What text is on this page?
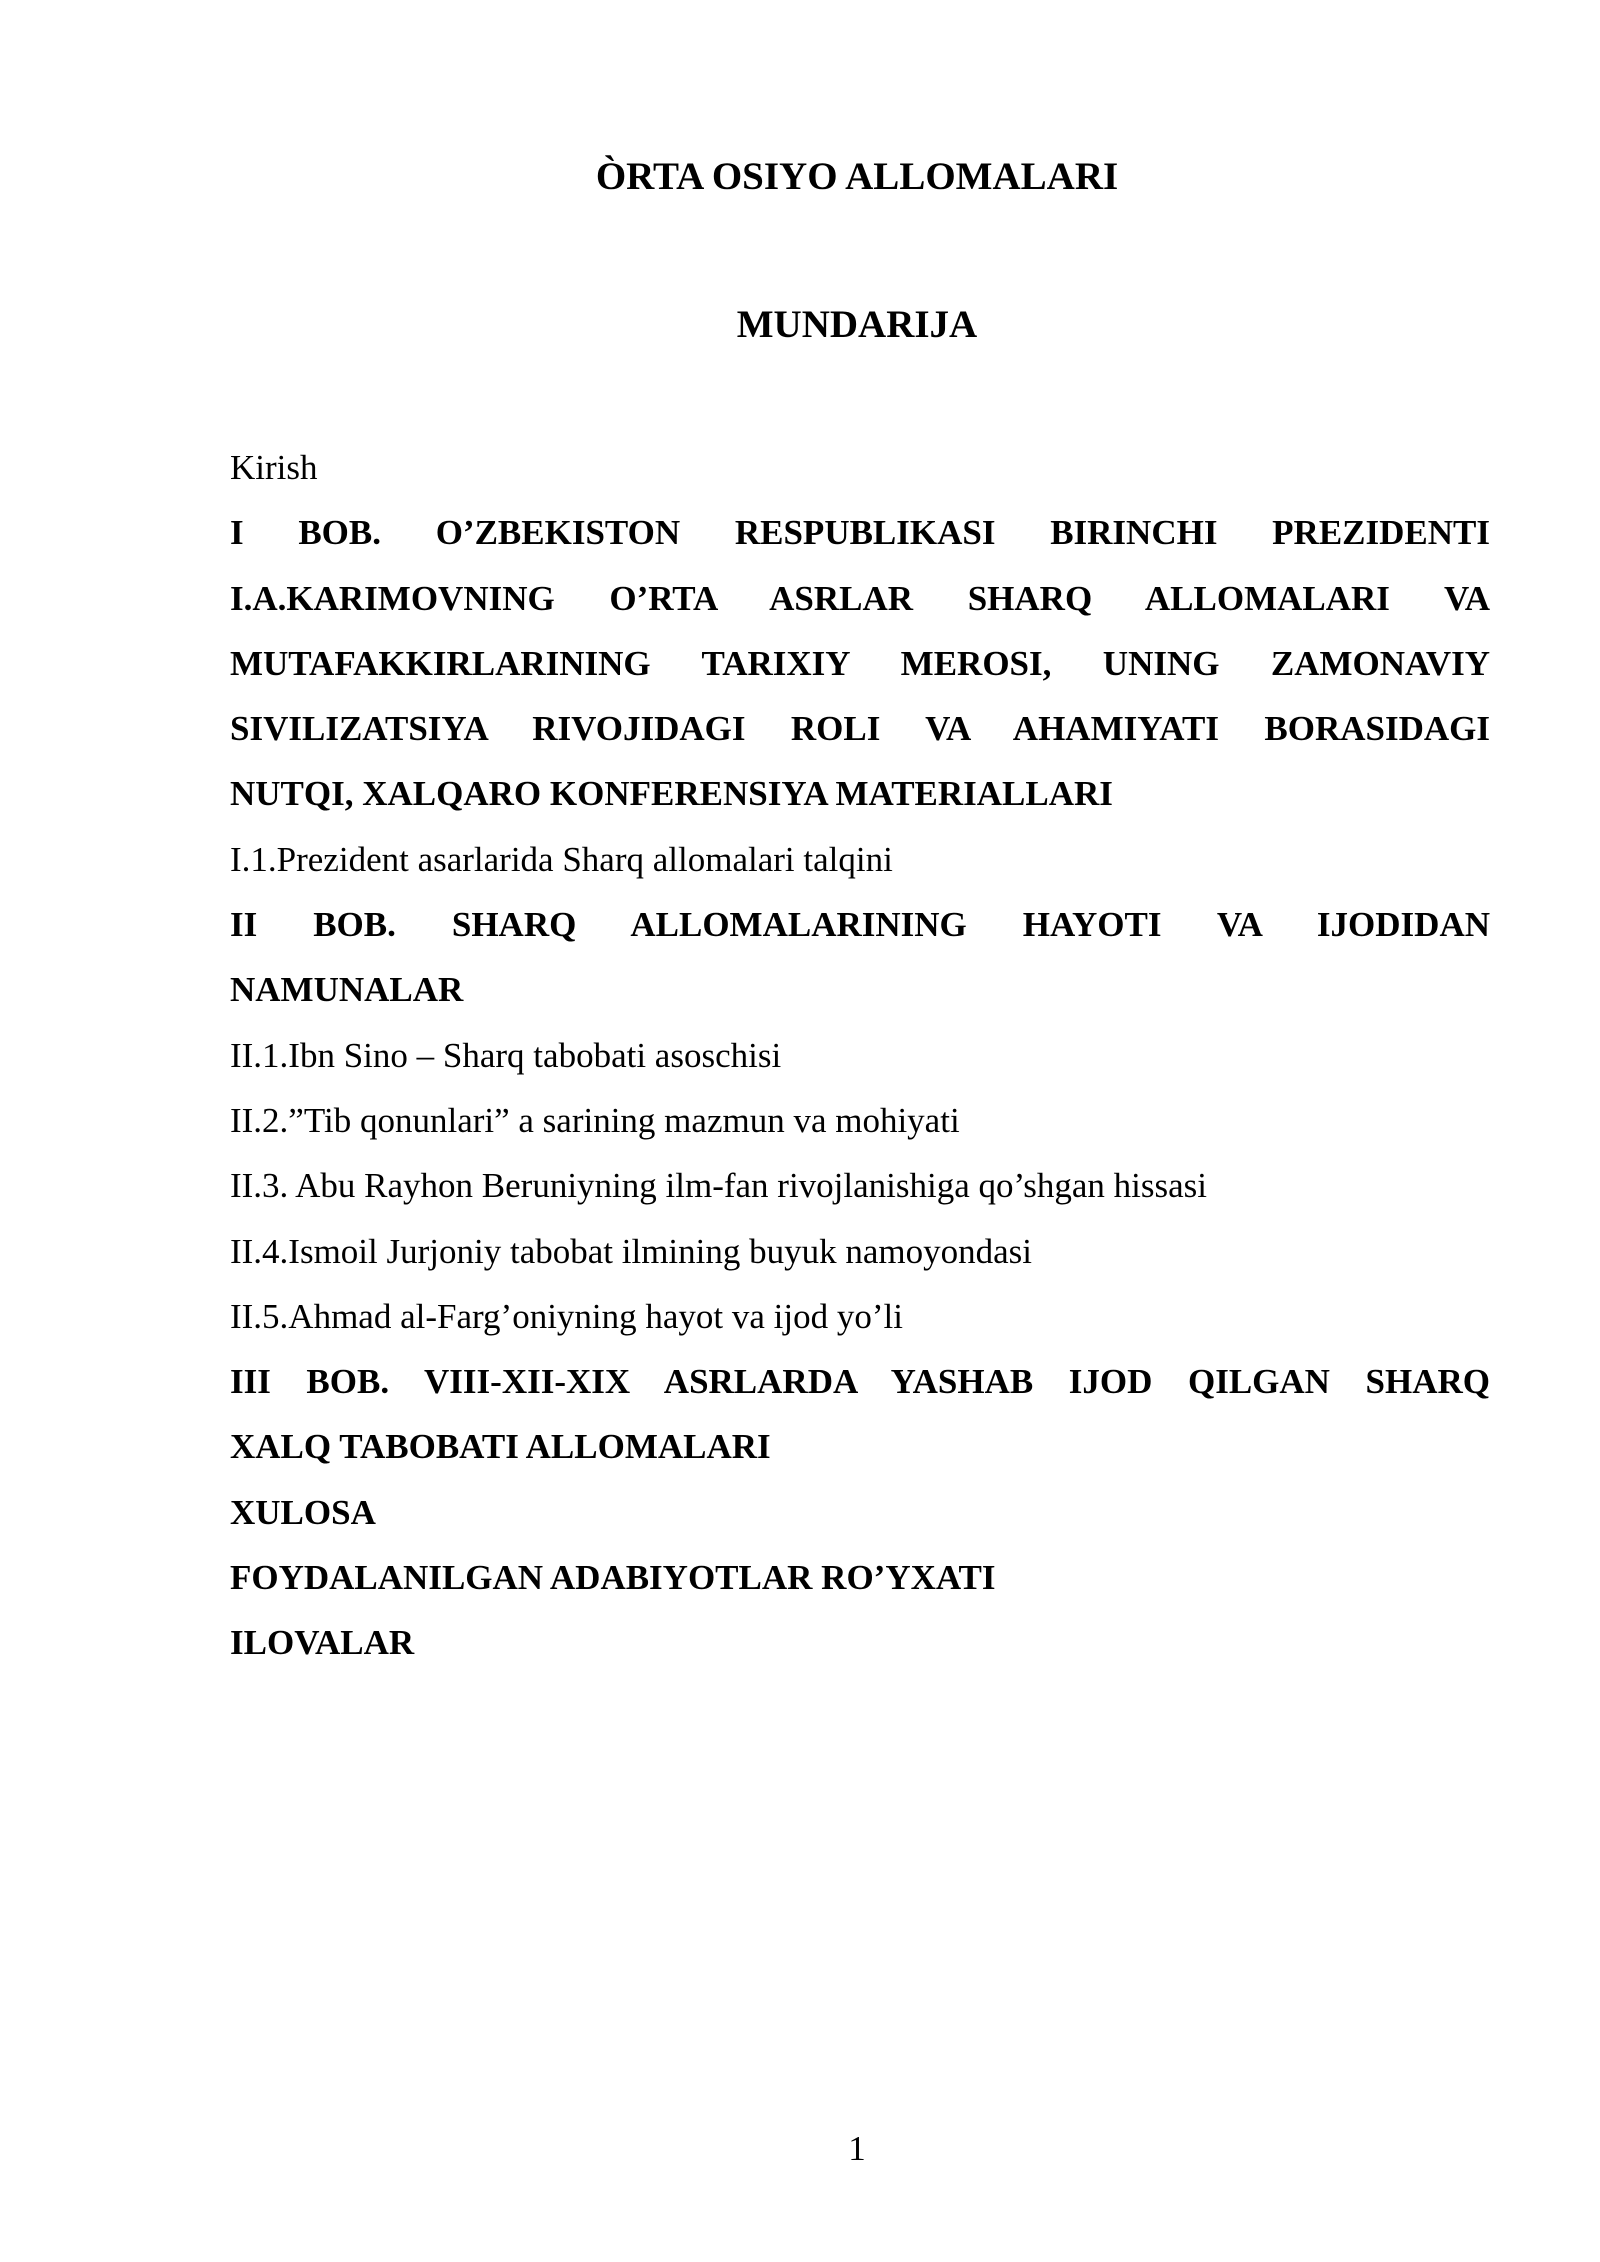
ÒRTA OSIYO ALLOMALARI
MUNDARIJA
Kirish
I BOB. O’ZBEKISTON RESPUBLIKASI BIRINCHI PREZIDENTI
I.A.KARIMOVNING O’RTA ASRLAR SHARQ ALLOMALARI VA
MUTAFAKKIRLARINING TARIXIY MEROSI, UNING ZAMONAVIY
SIVILIZATSIYA RIVOJIDAGI ROLI VA AHAMIYATI BORASIDAGI
NUTQI, XALQARO KONFERENSIYA MATERIALLARI
I.1.Prezident asarlarida Sharq allomalari talqini
II BOB. SHARQ ALLOMALARINING HAYOTI VA IJODIDAN
NAMUNALAR
II.1.Ibn Sino – Sharq tabobati asoschisi
II.2.”Tib qonunlari” a sarining mazmun va mohiyati
II.3. Abu Rayhon Beruniyning ilm-fan rivojlanishiga qo’shgan hissasi
II.4.Ismoil Jurjoniy tabobat ilmining buyuk namoyondasi
II.5.Ahmad al-Farg’oniyning hayot va ijod yo’li
III BOB. VIII-XII-XIX ASRLARDA YASHAB IJOD QILGAN SHARQ
XALQ TABOBATI ALLOMALARI
XULOSA
FOYDALANILGAN ADABIYOTLAR RO’YXATI
ILOVALAR
1
